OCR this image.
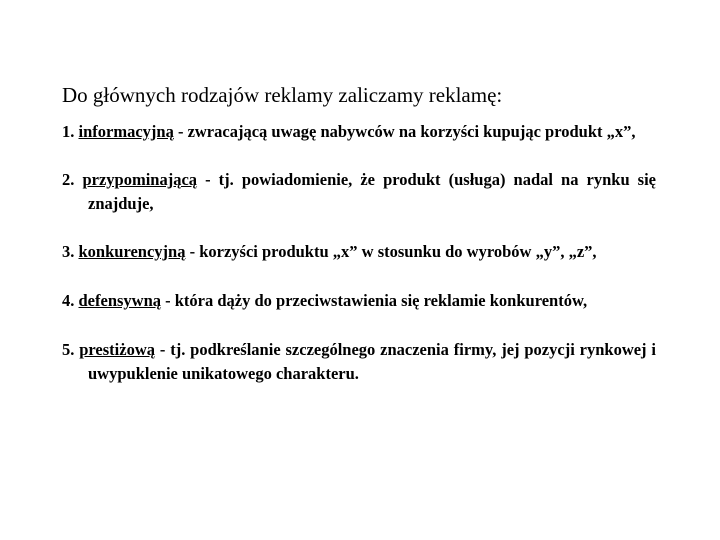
Do głównych rodzajów reklamy zaliczamy reklamę:
1. informacyjną - zwracającą uwagę nabywców na korzyści kupując produkt „x”,
2. przypominającą - tj. powiadomienie, że produkt (usługa) nadal na rynku się znajduje,
3. konkurencyjną - korzyści produktu „x” w stosunku do wyrobów „y”, „z”,
4. defensywną - która dąży do przeciwstawienia się reklamie konkurentów,
5. prestiżową - tj. podkreślanie szczególnego znaczenia firmy, jej pozycji rynkowej i uwypuklenie unikatowego charakteru.
